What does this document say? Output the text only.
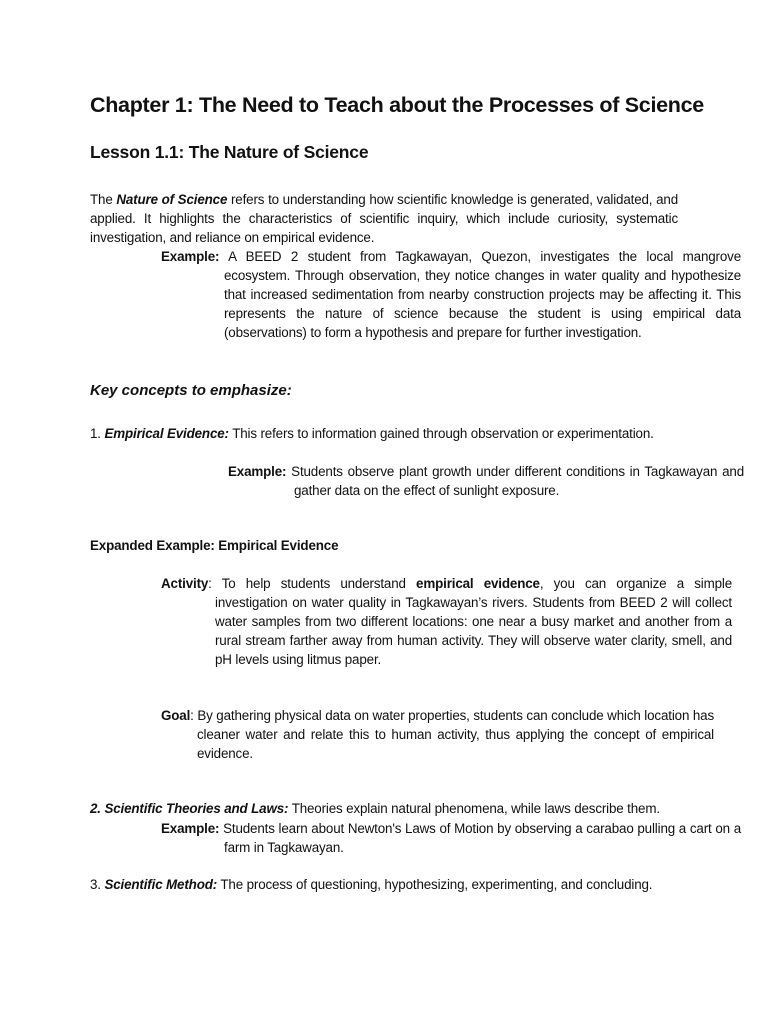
Chapter 1: The Need to Teach about the Processes of Science
Lesson 1.1: The Nature of Science
The Nature of Science refers to understanding how scientific knowledge is generated, validated, and applied. It highlights the characteristics of scientific inquiry, which include curiosity, systematic investigation, and reliance on empirical evidence.
Example: A BEED 2 student from Tagkawayan, Quezon, investigates the local mangrove ecosystem. Through observation, they notice changes in water quality and hypothesize that increased sedimentation from nearby construction projects may be affecting it. This represents the nature of science because the student is using empirical data (observations) to form a hypothesis and prepare for further investigation.
Key concepts to emphasize:
1. Empirical Evidence: This refers to information gained through observation or experimentation.
Example: Students observe plant growth under different conditions in Tagkawayan and gather data on the effect of sunlight exposure.
Expanded Example: Empirical Evidence
Activity: To help students understand empirical evidence, you can organize a simple investigation on water quality in Tagkawayan’s rivers. Students from BEED 2 will collect water samples from two different locations: one near a busy market and another from a rural stream farther away from human activity. They will observe water clarity, smell, and pH levels using litmus paper.
Goal: By gathering physical data on water properties, students can conclude which location has cleaner water and relate this to human activity, thus applying the concept of empirical evidence.
2. Scientific Theories and Laws: Theories explain natural phenomena, while laws describe them.
Example: Students learn about Newton's Laws of Motion by observing a carabao pulling a cart on a farm in Tagkawayan.
3. Scientific Method: The process of questioning, hypothesizing, experimenting, and concluding.
